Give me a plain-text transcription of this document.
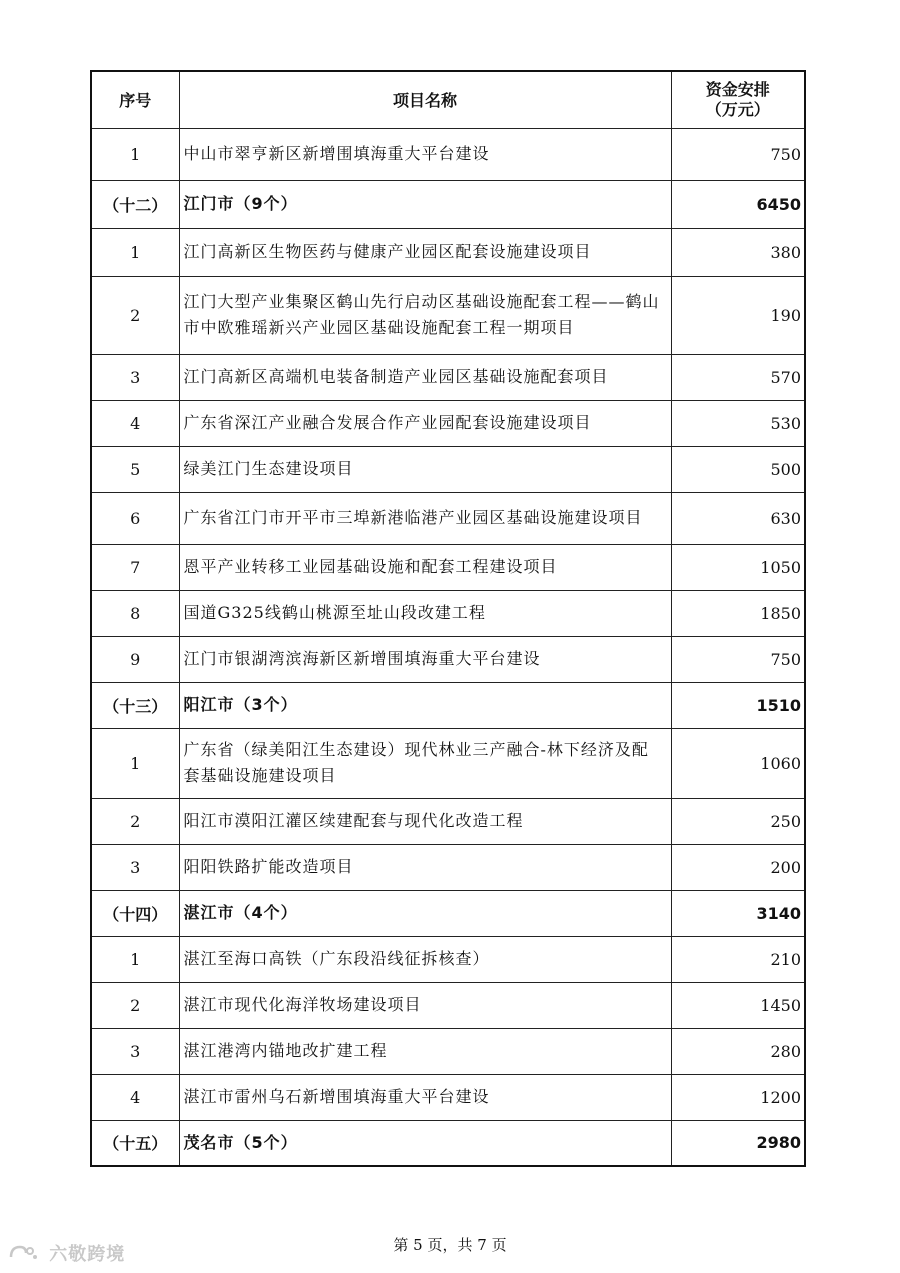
序号	项目名称	资金安排
（万元）
1	中山市翠亨新区新增围填海重大平台建设	750
（十二）	江门市（9个）	6450
1	江门高新区生物医药与健康产业园区配套设施建设项目	380
2	江门大型产业集聚区鹤山先行启动区基础设施配套工程——鹤山市中欧雅瑶新兴产业园区基础设施配套工程一期项目	190
3	江门高新区高端机电装备制造产业园区基础设施配套项目	570
4	广东省深江产业融合发展合作产业园配套设施建设项目	530
5	绿美江门生态建设项目	500
6	广东省江门市开平市三埠新港临港产业园区基础设施建设项目	630
7	恩平产业转移工业园基础设施和配套工程建设项目	1050
8	国道G325线鹤山桃源至址山段改建工程	1850
9	江门市银湖湾滨海新区新增围填海重大平台建设	750
（十三）	阳江市（3个）	1510
1	广东省（绿美阳江生态建设）现代林业三产融合-林下经济及配套基础设施建设项目	1060
2	阳江市漠阳江灌区续建配套与现代化改造工程	250
3	阳阳铁路扩能改造项目	200
（十四）	湛江市（4个）	3140
1	湛江至海口高铁（广东段沿线征拆核查）	210
2	湛江市现代化海洋牧场建设项目	1450
3	湛江港湾内锚地改扩建工程	280
4	湛江市雷州乌石新增围填海重大平台建设	1200
（十五）	茂名市（5个）	2980
第 5 页，共 7 页
六敬跨境
